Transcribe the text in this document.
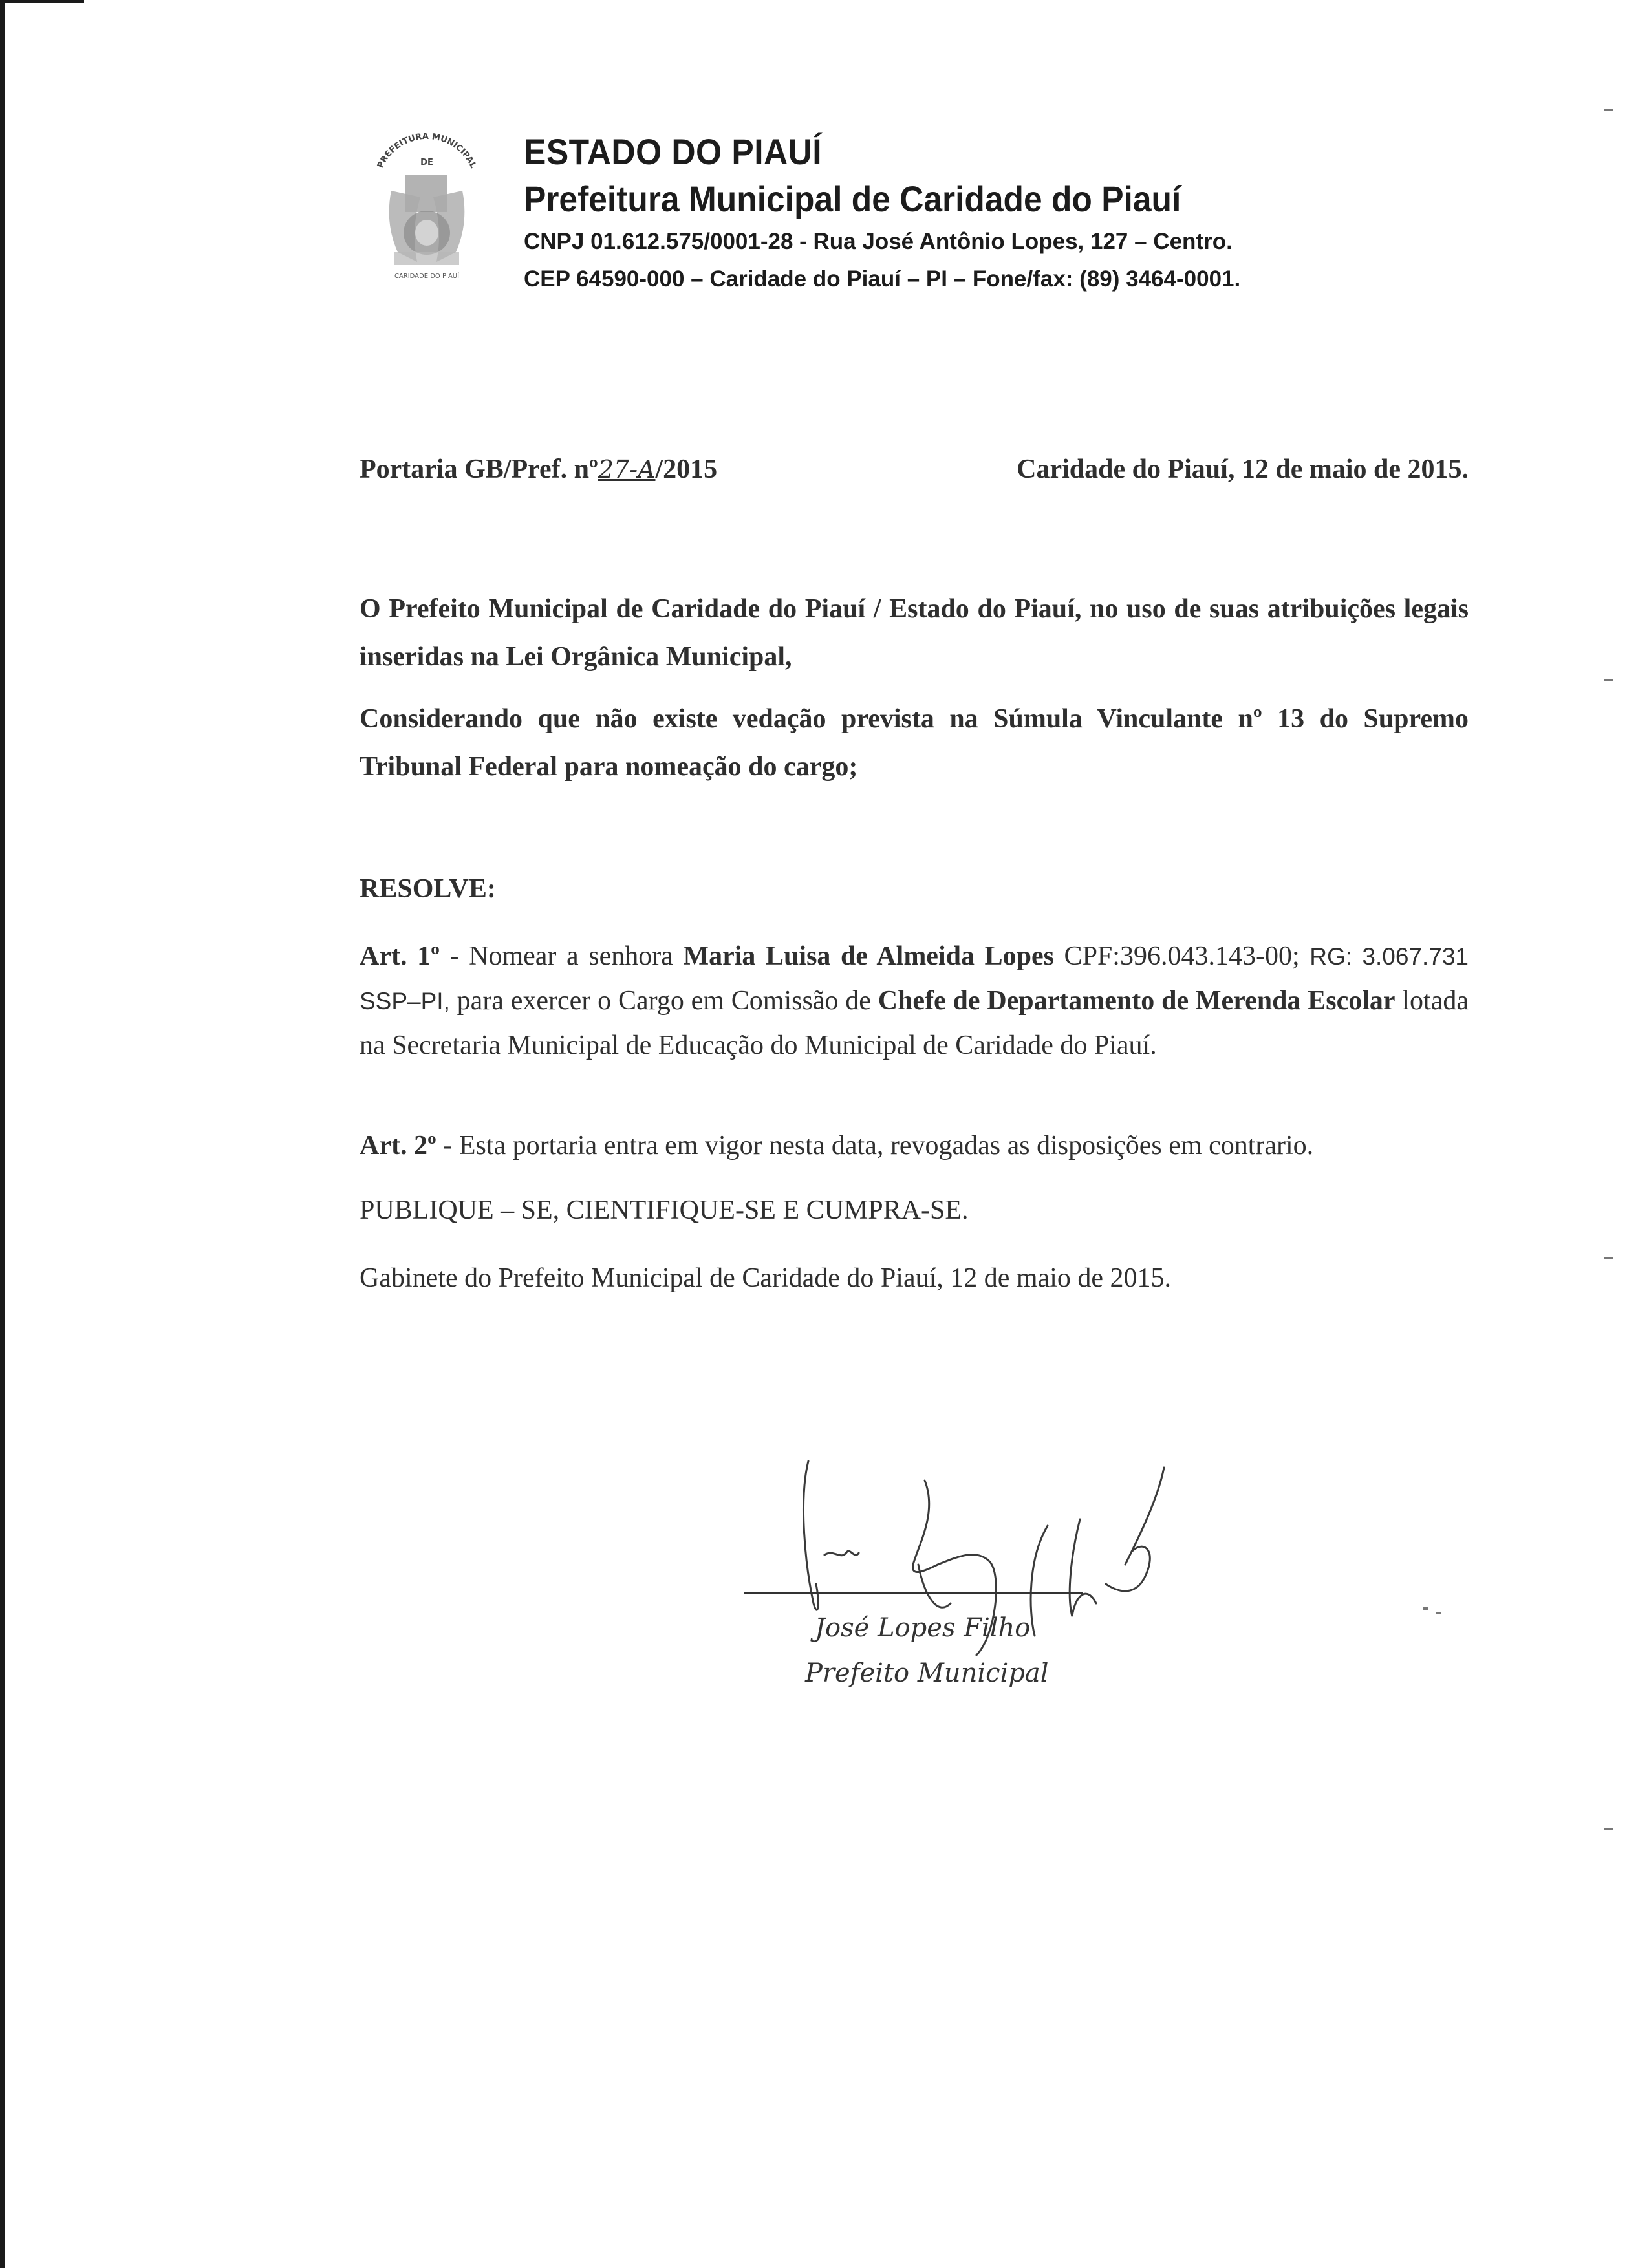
PREFEITURA MUNICIPAL
DE
CARIDADE DO PIAUÍ
ESTADO DO PIAUÍ
Prefeitura Municipal de Caridade do Piauí
CNPJ 01.612.575/0001-28 - Rua José Antônio Lopes, 127 – Centro.
CEP 64590-000 – Caridade do Piauí – PI – Fone/fax: (89) 3464-0001.
Portaria GB/Pref. nº27-A/2015	Caridade do Piauí, 12 de maio de 2015.

O Prefeito Municipal de Caridade do Piauí / Estado do Piauí, no uso de suas atribuições legais inseridas na Lei Orgânica Municipal,

Considerando que não existe vedação prevista na Súmula Vinculante nº 13 do Supremo Tribunal Federal para nomeação do cargo;

RESOLVE:

Art. 1º - Nomear a senhora Maria Luisa de Almeida Lopes CPF:396.043.143-00; RG: 3.067.731 SSP–PI, para exercer o Cargo em Comissão de Chefe de Departamento de Merenda Escolar lotada na Secretaria Municipal de Educação do Municipal de Caridade do Piauí.

Art. 2º - Esta portaria entra em vigor nesta data, revogadas as disposições em contrario.

PUBLIQUE – SE, CIENTIFIQUE-SE E CUMPRA-SE.

Gabinete do Prefeito Municipal de Caridade do Piauí, 12 de maio de 2015.

José Lopes Filho
Prefeito Municipal
